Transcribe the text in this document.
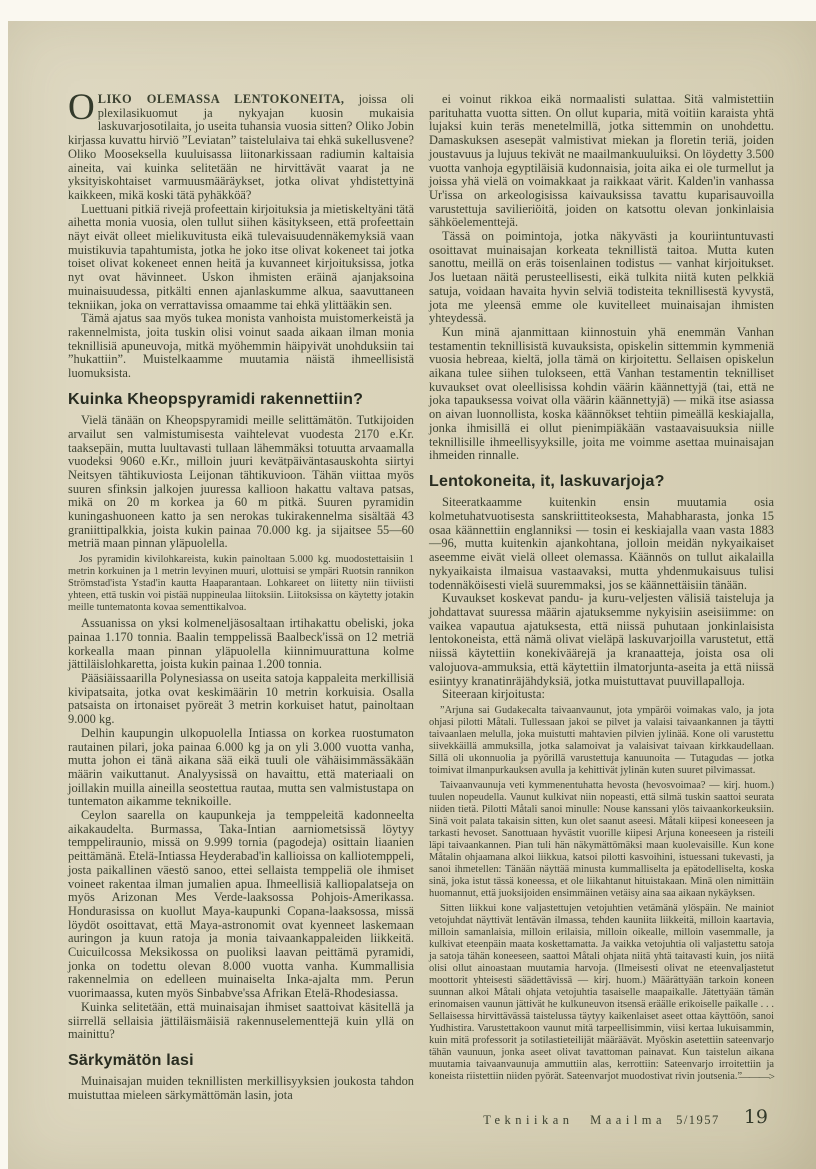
OLIKO OLEMASSA LENTOKONEITA, joissa oli plexilasikuomut ja nykyajan kuosin mukaisia laskuvarjosotilaita, jo useita tuhansia vuosia sitten? Oliko Jobin kirjassa kuvattu hirviö ”Leviatan” taistelulaiva tai ehkä sukellusvene? Oliko Mooseksella kuuluisassa liitonarkissaan radiumin kaltaisia aineita, vai kuinka selitetään ne hirvittävät vaarat ja ne yksityiskohtaiset varmuusmääräykset, jotka olivat yhdistettyinä kaikkeen, mikä koski tätä pyhäkköä?

Luettuani pitkiä rivejä profeettain kirjoituksia ja mietiskeltyäni tätä aihetta monia vuosia, olen tullut siihen käsitykseen, että profeettain näyt eivät olleet mielikuvitusta eikä tulevaisuudennäkemyksiä vaan muistikuvia tapahtumista, jotka he joko itse olivat kokeneet tai jotka toiset olivat kokeneet ennen heitä ja kuvanneet kirjoituksissa, jotka nyt ovat hävinneet. Uskon ihmisten eräinä ajanjaksoina muinaisuudessa, pitkälti ennen ajanlaskumme alkua, saavuttaneen tekniikan, joka on verrattavissa omaamme tai ehkä ylittääkin sen.

Tämä ajatus saa myös tukea monista vanhoista muistomerkeistä ja rakennelmista, joita tuskin olisi voinut saada aikaan ilman monia teknillisiä apuneuvoja, mitkä myöhemmin häipyivät unohduksiin tai ”hukattiin”. Muistelkaamme muutamia näistä ihmeellisistä luomuksista.

Kuinka Kheopspyramidi rakennettiin?

Vielä tänään on Kheopspyramidi meille selittämätön. Tutkijoiden arvailut sen valmistumisesta vaihtelevat vuodesta 2170 e.Kr. taaksepäin, mutta luultavasti tullaan lähemmäksi totuutta arvaamalla vuodeksi 9060 e.Kr., milloin juuri kevätpäiväntasauskohta siirtyi Neitsyen tähtikuviosta Leijonan tähtikuvioon. Tähän viittaa myös suuren sfinksin jalkojen juuressa kallioon hakattu valtava patsas, mikä on 20 m korkea ja 60 m pitkä. Suuren pyramidin kuningashuoneen katto ja sen nerokas tukirakennelma sisältää 43 graniittipalkkia, joista kukin painaa 70.000 kg. ja sijaitsee 55—60 metriä maan pinnan yläpuolella.

Jos pyramidin kivilohkareista, kukin painoltaan 5.000 kg. muodostettaisiin 1 metrin korkuinen ja 1 metrin levyinen muuri, ulottuisi se ympäri Ruotsin rannikon Strömstad'ista Ystad'in kautta Haaparantaan. Lohkareet on liitetty niin tiiviisti yhteen, että tuskin voi pistää nuppineulaa liitoksiin. Liitoksissa on käytetty jotakin meille tuntematonta kovaa sementtikalvoa.

Assuanissa on yksi kolmeneljäsosaltaan irtihakattu obeliski, joka painaa 1.170 tonnia. Baalin temppelissä Baalbeck'issä on 12 metriä korkealla maan pinnan yläpuolella kiinnimuurattuna kolme jättiläislohkaretta, joista kukin painaa 1.200 tonnia.

Pääsiäissaarilla Polynesiassa on useita satoja kappaleita merkillisiä kivipatsaita, jotka ovat keskimäärin 10 metrin korkuisia. Osalla patsaista on irtonaiset pyöreät 3 metrin korkuiset hatut, painoltaan 9.000 kg.

Delhin kaupungin ulkopuolella Intiassa on korkea ruostumaton rautainen pilari, joka painaa 6.000 kg ja on yli 3.000 vuotta vanha, mutta johon ei tänä aikana sää eikä tuuli ole vähäisimmässäkään määrin vaikuttanut. Analyysissä on havaittu, että materiaali on joillakin muilla aineilla seostettua rautaa, mutta sen valmistustapa on tuntematon aikamme teknikoille.

Ceylon saarella on kaupunkeja ja temppeleitä kadonneelta aikakaudelta. Burmassa, Taka-Intian aarniometsissä löytyy temppeliraunio, missä on 9.999 tornia (pagodeja) osittain liaanien peittämänä. Etelä-Intiassa Heyderabad'in kallioissa on kalliotemppeli, josta paikallinen väestö sanoo, ettei sellaista temppeliä ole ihmiset voineet rakentaa ilman jumalien apua. Ihmeellisiä kalliopalatseja on myös Arizonan Mes Verde-laaksossa Pohjois-Amerikassa. Hondurasissa on kuollut Maya-kaupunki Copana-laaksossa, missä löydöt osoittavat, että Maya-astronomit ovat kyenneet laskemaan auringon ja kuun ratoja ja monia taivaankappaleiden liikkeitä. Cuicuilcossa Meksikossa on puoliksi laavan peittämä pyramidi, jonka on todettu olevan 8.000 vuotta vanha. Kummallisia rakennelmia on edelleen muinaiselta Inka-ajalta mm. Perun vuorimaassa, kuten myös Sinbabve'ssa Afrikan Etelä-Rhodesiassa.

Kuinka selitetään, että muinaisajan ihmiset saattoivat käsitellä ja siirrellä sellaisia jättiläismäisiä rakennuselementtejä kuin yllä on mainittu?

Särkymätön lasi

Muinaisajan muiden teknillisten merkillisyyksien joukosta tahdon muistuttaa mieleen särkymättömän lasin, jota

ei voinut rikkoa eikä normaalisti sulattaa. Sitä valmistettiin parituhatta vuotta sitten. On ollut kuparia, mitä voitiin karaista yhtä lujaksi kuin teräs menetelmillä, jotka sittemmin on unohdettu. Damaskuksen asesepät valmistivat miekan ja floretin teriä, joiden joustavuus ja lujuus tekivät ne maailmankuuluiksi. On löydetty 3.500 vuotta vanhoja egyptiläisiä kudonnaisia, joita aika ei ole turmellut ja joissa yhä vielä on voimakkaat ja raikkaat värit. Kalden'in vanhassa Ur'issa on arkeologisissa kaivauksissa tavattu kuparisauvoilla varustettuja savilieriöitä, joiden on katsottu olevan jonkinlaisia sähköelementtejä.

Tässä on poimintoja, jotka näkyvästi ja kouriintuntuvasti osoittavat muinaisajan korkeata teknillistä taitoa. Mutta kuten sanottu, meillä on eräs toisenlainen todistus — vanhat kirjoitukset. Jos luetaan näitä perusteellisesti, eikä tulkita niitä kuten pelkkiä satuja, voidaan havaita hyvin selviä todisteita teknillisestä kyvystä, jota me yleensä emme ole kuvitelleet muinaisajan ihmisten yhteydessä.

Kun minä ajanmittaan kiinnostuin yhä enemmän Vanhan testamentin teknillisistä kuvauksista, opiskelin sittemmin kymmeniä vuosia hebreaa, kieltä, jolla tämä on kirjoitettu. Sellaisen opiskelun aikana tulee siihen tulokseen, että Vanhan testamentin teknilliset kuvaukset ovat oleellisissa kohdin väärin käännettyjä (tai, että ne joka tapauksessa voivat olla väärin käännettyjä) — mikä itse asiassa on aivan luonnollista, koska käännökset tehtiin pimeällä keskiajalla, jonka ihmisillä ei ollut pienimpiäkään vastaavaisuuksia niille teknillisille ihmeellisyyksille, joita me voimme asettaa muinaisajan ihmeiden rinnalle.

Lentokoneita, it, laskuvarjoja?

Siteeratkaamme kuitenkin ensin muutamia osia kolmetuhatvuotisesta sanskriittiteoksesta, Mahabharasta, jonka 15 osaa käännettiin englanniksi — tosin ei keskiajalla vaan vasta 1883—96, mutta kuitenkin ajankohtana, jolloin meidän nykyaikaiset aseemme eivät vielä olleet olemassa. Käännös on tullut aikalailla nykyaikaista ilmaisua vastaavaksi, mutta yhdenmukaisuus tulisi todennäköisesti vielä suuremmaksi, jos se käännettäisiin tänään.

Kuvaukset koskevat pandu- ja kuru-veljesten välisiä taisteluja ja johdattavat suuressa määrin ajatuksemme nykyisiin aseisiimme: on vaikea vapautua ajatuksesta, että niissä puhutaan jonkinlaisista lentokoneista, että nämä olivat vieläpä laskuvarjoilla varustetut, että niissä käytettiin konekiväärejä ja kranaatteja, joista osa oli valojuova-ammuksia, että käytettiin ilmatorjunta-aseita ja että niissä esiintyy kranatinräjähdyksiä, jotka muistuttavat puuvillapalloja.

Siteeraan kirjoitusta:

”Arjuna sai Gudakecalta taivaanvaunut, jota ympäröi voimakas valo, ja jota ohjasi pilotti Måtali. Tullessaan jakoi se pilvet ja valaisi taivaankannen ja täytti taivaanlaen melulla, joka muistutti mahtavien pilvien jylinää. Kone oli varustettu siivekkäillä ammuksilla, jotka salamoivat ja valaisivat taivaan kirkkaudellaan. Sillä oli ukonnuolia ja pyörillä varustettuja kanuunoita — Tutagudas — jotka toimivat ilmanpurkauksen avulla ja kehittivät jylinän kuten suuret pilvimassat.

Taivaanvaunuja veti kymmenentuhatta hevosta (hevosvoimaa? — kirj. huom.) tuulen nopeudella. Vaunut kulkivat niin nopeasti, että silmä tuskin saattoi seurata niiden tietä. Pilotti Måtali sanoi minulle: Nouse kanssani ylös taivaankorkeuksiin. Sinä voit palata takaisin sitten, kun olet saanut aseesi. Måtali kiipesi koneeseen ja tarkasti hevoset. Sanottuaan hyvästit vuorille kiipesi Arjuna koneeseen ja risteili läpi taivaankannen. Pian tuli hän näkymättömäksi maan kuolevaisille. Kun kone Måtalin ohjaamana alkoi liikkua, katsoi pilotti kasvoihini, istuessani tukevasti, ja sanoi ihmetellen: Tänään näyttää minusta kummalliselta ja epätodelliselta, koska sinä, joka istut tässä koneessa, et ole liikahtanut hituistakaan. Minä olen nimittäin huomannut, että juoksijoiden ensimmäinen vetäisy aina saa aikaan nykäyksen.

Sitten liikkui kone valjastettujen vetojuhtien vetämänä ylöspäin. Ne mainiot vetojuhdat näyttivät lentävän ilmassa, tehden kauniita liikkeitä, milloin kaartavia, milloin samanlaisia, milloin erilaisia, milloin oikealle, milloin vasemmalle, ja kulkivat eteenpäin maata koskettamatta. Ja vaikka vetojuhtia oli valjastettu satoja ja satoja tähän koneeseen, saattoi Måtali ohjata niitä yhtä taitavasti kuin, jos niitä olisi ollut ainoastaan muutamia harvoja. (Ilmeisesti olivat ne eteenvaljastetut moottorit yhteisesti säädettävissä — kirj. huom.) Määrättyään tarkoin koneen suunnan alkoi Måtali ohjata vetojuhtia tasaiselle maapaikalle. Jätettyään tämän erinomaisen vaunun jättivät he kulkuneuvon itsensä eräälle erikoiselle paikalle . . . Sellaisessa hirvittävässä taistelussa täytyy kaikenlaiset aseet ottaa käyttöön, sanoi Yudhistira. Varustettakoon vaunut mitä tarpeellisimmin, viisi kertaa lukuisammin, kuin mitä professorit ja sotilastieteilijät määräävät. Myöskin asetettiin sateenvarjo tähän vaunuun, jonka aseet olivat tavattoman painavat. Kun taistelun aikana muutamia taivaanvaunuja ammuttiin alas, kerrottiin: Sateenvarjo irroitettiin ja koneista riistettiin niiden pyörät. Sateenvarjot muodostivat rivin joutsenia.”

———>
Tekniikan Maailma 5/1957 19
